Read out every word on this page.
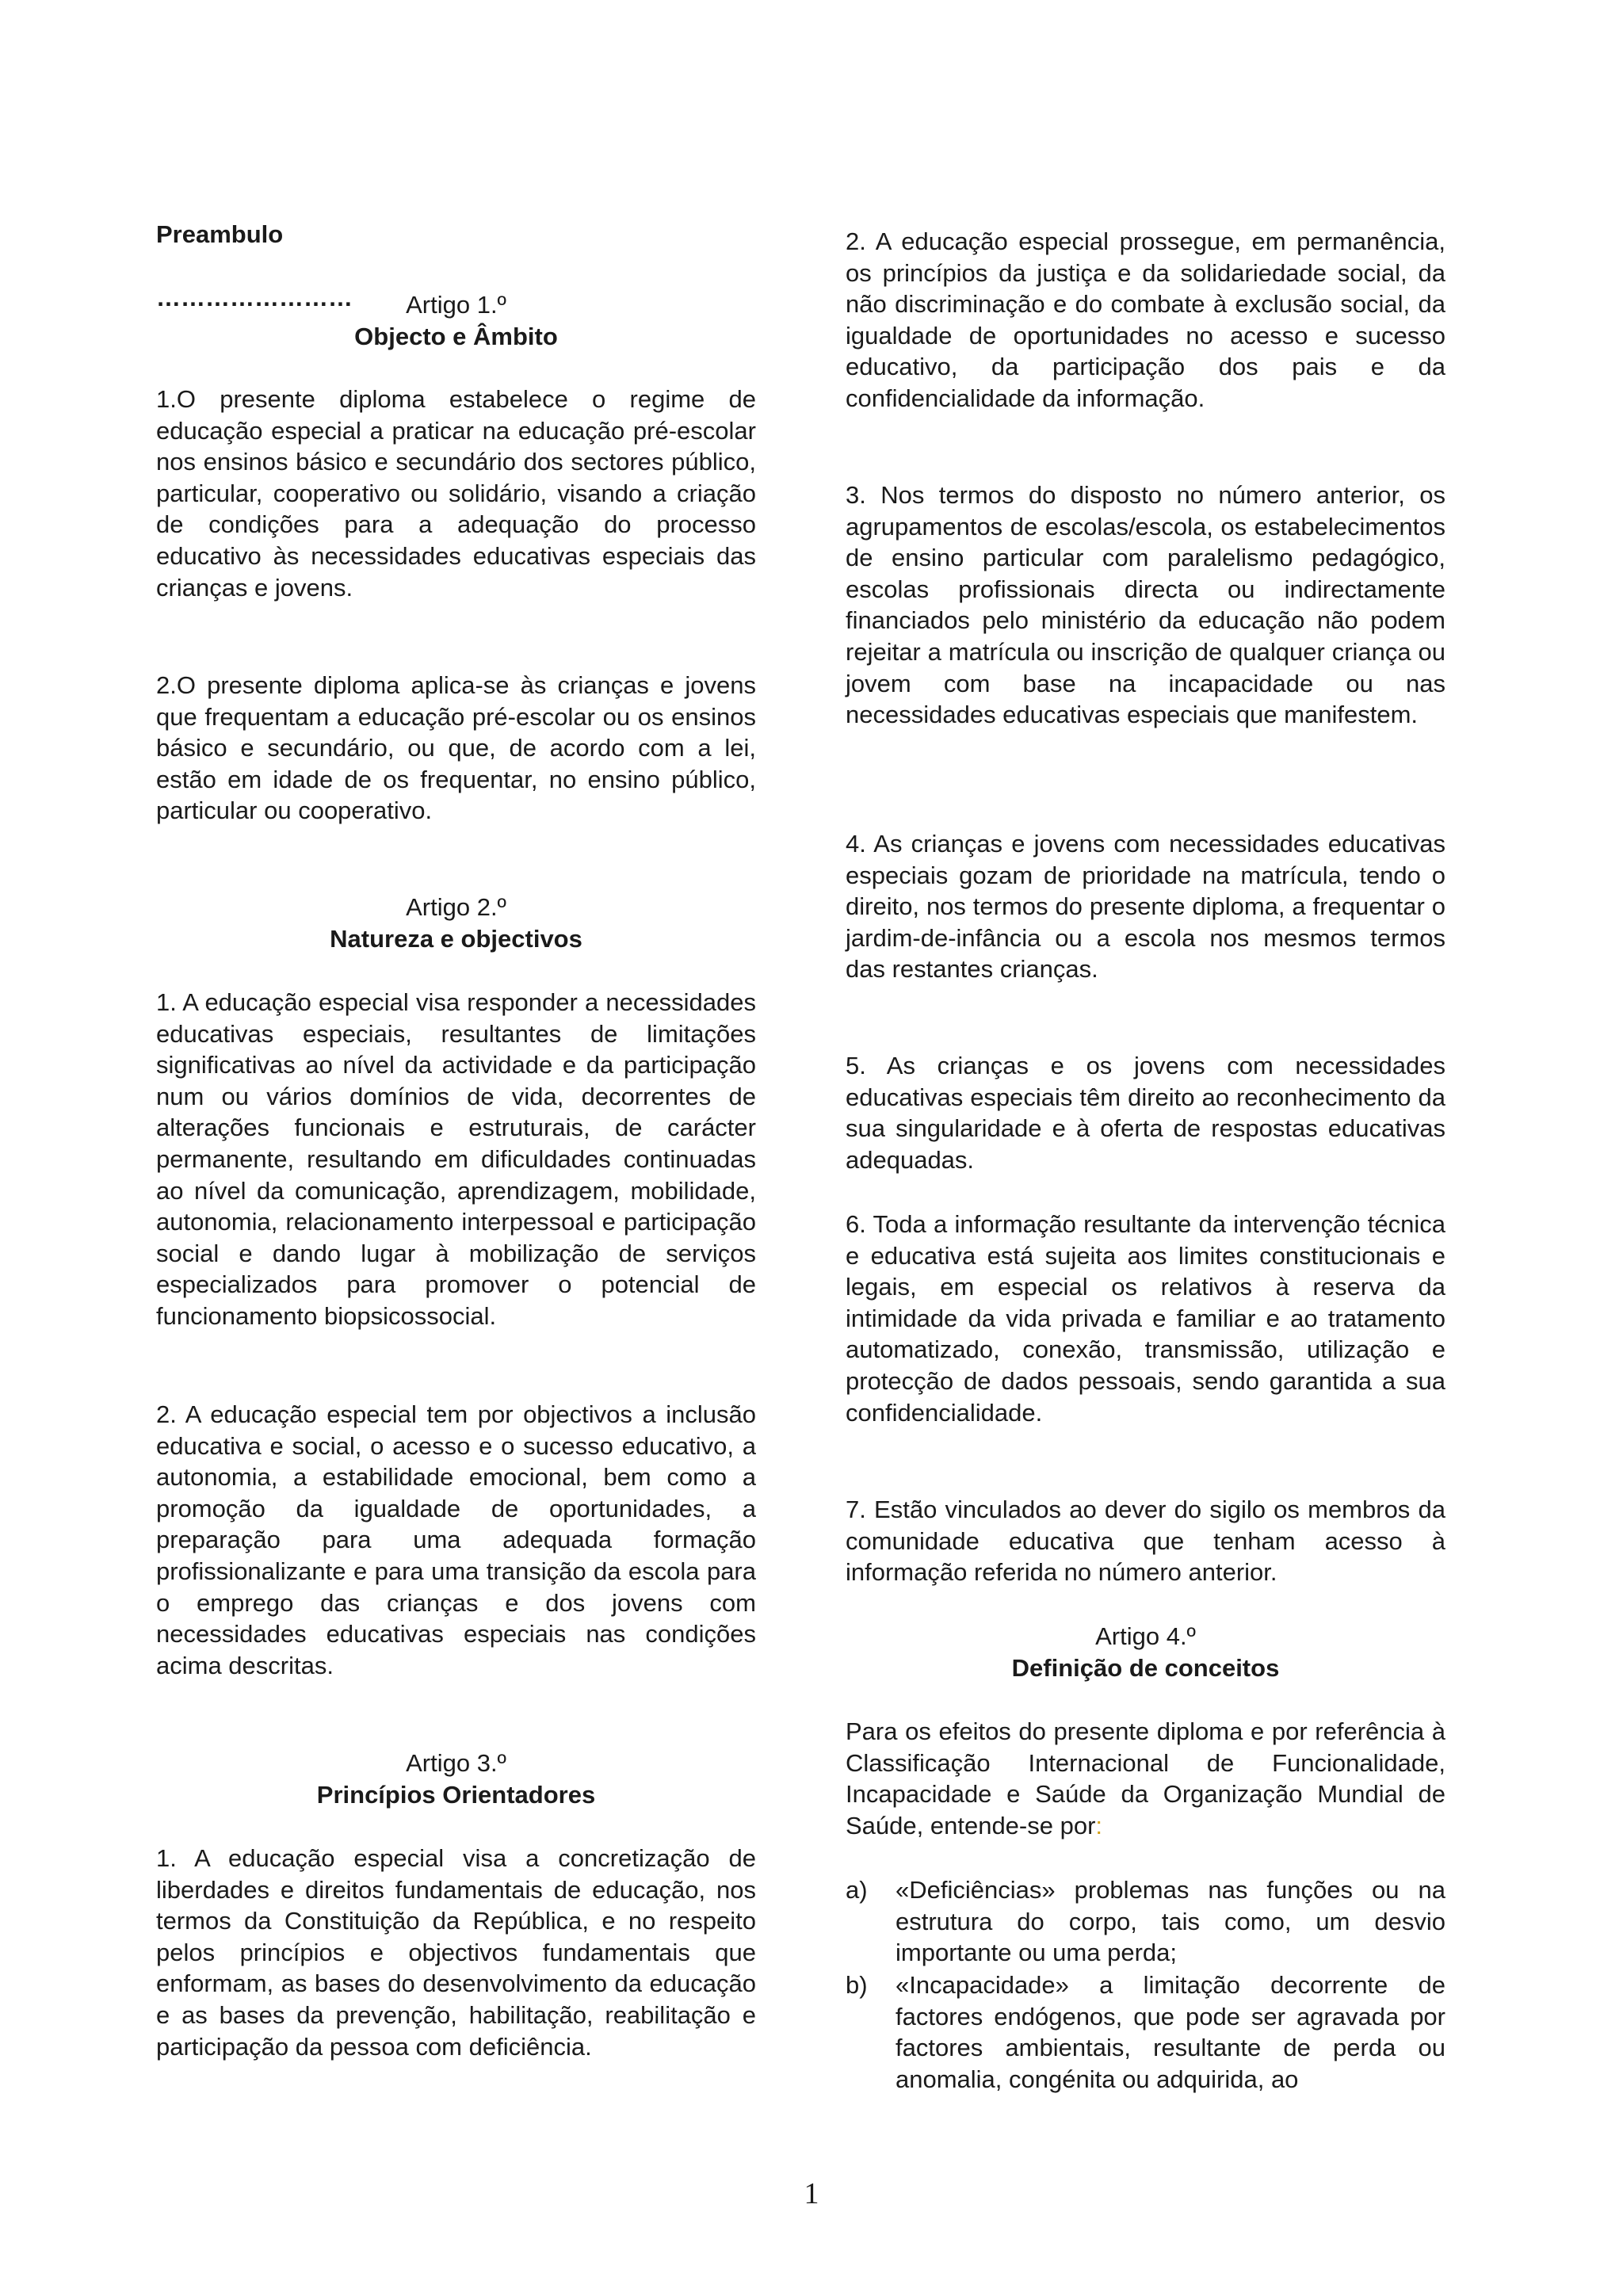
Preambulo

……………………	Artigo 1.º

Objecto e Âmbito

1.O presente diploma estabelece o regime de educação especial a praticar na educação pré-escolar nos ensinos básico e secundário dos sectores público, particular, cooperativo ou solidário, visando a criação de condições para a adequação do processo educativo às necessidades educativas especiais das crianças e jovens.

2.O presente diploma aplica-se às crianças e jovens que frequentam a educação pré-escolar ou os ensinos básico e secundário, ou que, de acordo com a lei, estão em idade de os frequentar, no ensino público, particular ou cooperativo.

Artigo 2.º

Natureza e objectivos

1. A educação especial visa responder a necessidades educativas especiais, resultantes de limitações significativas ao nível da actividade e da participação num ou vários domínios de vida, decorrentes de alterações funcionais e estruturais, de carácter permanente, resultando em dificuldades continuadas ao nível da comunicação, aprendizagem, mobilidade, autonomia, relacionamento interpessoal e participação social e dando lugar à mobilização de serviços especializados para promover o potencial de funcionamento biopsicossocial.

2. A educação especial tem por objectivos a inclusão educativa e social, o acesso e o sucesso educativo, a autonomia, a estabilidade emocional, bem como a promoção da igualdade de oportunidades, a preparação para uma adequada formação profissionalizante e para uma transição da escola para o emprego das crianças e dos jovens com necessidades educativas especiais nas condições acima descritas.

Artigo 3.º

Princípios Orientadores

1. A educação especial visa a concretização de liberdades e direitos fundamentais de educação, nos termos da Constituição da República, e no respeito pelos princípios e objectivos fundamentais que enformam, as bases do desenvolvimento da educação e as bases da prevenção, habilitação, reabilitação e participação da pessoa com deficiência.

2. A educação especial prossegue, em permanência, os princípios da justiça e da solidariedade social, da não discriminação e do combate à exclusão social, da igualdade de oportunidades no acesso e sucesso educativo, da participação dos pais e da confidencialidade da informação.

3. Nos termos do disposto no número anterior, os agrupamentos de escolas/escola, os estabelecimentos de ensino particular com paralelismo pedagógico, escolas profissionais directa ou indirectamente financiados pelo ministério da educação não podem rejeitar a matrícula ou inscrição de qualquer criança ou jovem com base na incapacidade ou nas necessidades educativas especiais que manifestem.

4. As crianças e jovens com necessidades educativas especiais gozam de prioridade na matrícula, tendo o direito, nos termos do presente diploma, a frequentar o jardim-de-infância ou a escola nos mesmos termos das restantes crianças.

5. As crianças e os jovens com necessidades educativas especiais têm direito ao reconhecimento da sua singularidade e à oferta de respostas educativas adequadas.

6. Toda a informação resultante da intervenção técnica e educativa está sujeita aos limites constitucionais e legais, em especial os relativos à reserva da intimidade da vida privada e familiar e ao tratamento automatizado, conexão, transmissão, utilização e protecção de dados pessoais, sendo garantida a sua confidencialidade.

7. Estão vinculados ao dever do sigilo os membros da comunidade educativa que tenham acesso à informação referida no número anterior.

Artigo 4.º

Definição de conceitos

Para os efeitos do presente diploma e por referência à Classificação Internacional de Funcionalidade, Incapacidade e Saúde da Organização Mundial de Saúde, entende-se por:

a)	«Deficiências» problemas nas funções ou na estrutura do corpo, tais como, um desvio importante ou uma perda;
b)	«Incapacidade» a limitação decorrente de factores endógenos, que pode ser agravada por factores ambientais, resultante de perda ou anomalia, congénita ou adquirida, ao
1
